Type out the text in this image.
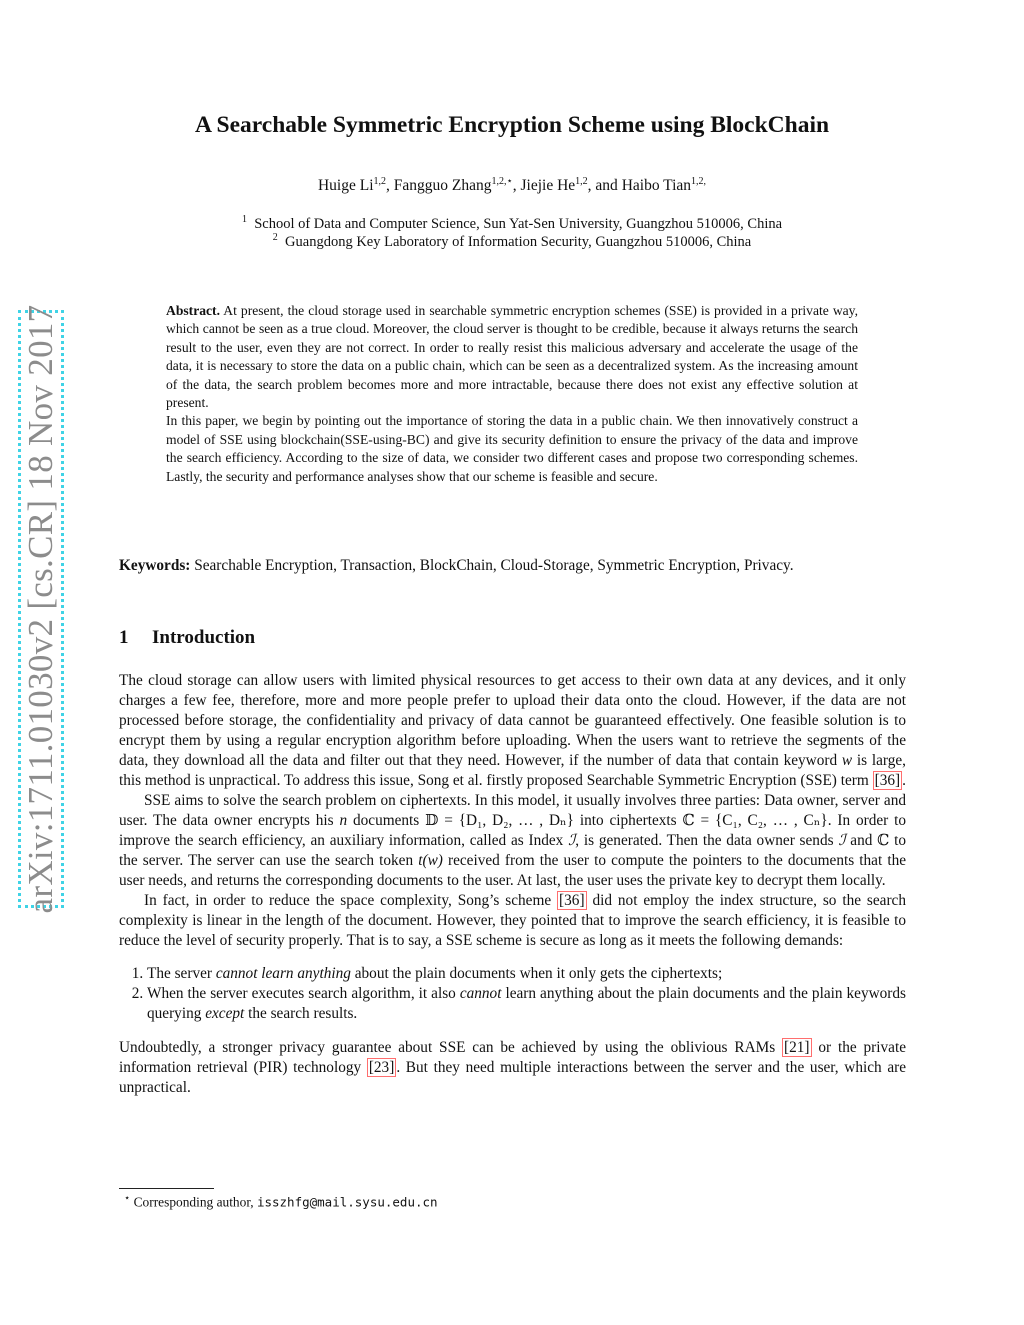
arXiv:1711.01030v2 [cs.CR] 18 Nov 2017
A Searchable Symmetric Encryption Scheme using BlockChain
Huige Li$^{1,2}$, Fangguo Zhang$^{1,2,⋆}$, Jiejie He$^{1,2}$, and Haibo Tian$^{1,2,}$
$^1$ School of Data and Computer Science, Sun Yat-Sen University, Guangzhou 510006, China
$^2$ Guangdong Key Laboratory of Information Security, Guangzhou 510006, China

Abstract. At present, the cloud storage used in searchable symmetric encryption schemes (SSE) is provided in a private way, which cannot be seen as a true cloud. Moreover, the cloud server is thought to be credible, because it always returns the search result to the user, even they are not correct. In order to really resist this malicious adversary and accelerate the usage of the data, it is necessary to store the data on a public chain, which can be seen as a decentralized system. As the increasing amount of the data, the search problem becomes more and more intractable, because there does not exist any effective solution at present.

In this paper, we begin by pointing out the importance of storing the data in a public chain. We then innovatively construct a model of SSE using blockchain(SSE-using-BC) and give its security definition to ensure the privacy of the data and improve the search efficiency. According to the size of data, we consider two different cases and propose two corresponding schemes. Lastly, the security and performance analyses show that our scheme is feasible and secure.

Keywords: Searchable Encryption, Transaction, BlockChain, Cloud-Storage, Symmetric Encryption, Privacy.
1 Introduction

The cloud storage can allow users with limited physical resources to get access to their own data at any devices, and it only charges a few fee, therefore, more and more people prefer to upload their data onto the cloud. However, if the data are not processed before storage, the confidentiality and privacy of data cannot be guaranteed effectively. One feasible solution is to encrypt them by using a regular encryption algorithm before uploading. When the users want to retrieve the segments of the data, they download all the data and filter out that they need. However, if the number of data that contain keyword w is large, this method is unpractical. To address this issue, Song et al. firstly proposed Searchable Symmetric Encryption (SSE) term [36] .

SSE aims to solve the search problem on ciphertexts. In this model, it usually involves three parties: Data owner, server and user. The data owner encrypts his n documents 𝔻 = {D₁, D₂, … , Dₙ} into ciphertexts ℂ = {C₁, C₂, … , Cₙ}. In order to improve the search efficiency, an auxiliary information, called as Index ℐ, is generated. Then the data owner sends ℐ and ℂ to the server. The server can use the search token t(w) received from the user to compute the pointers to the documents that the user needs, and returns the corresponding documents to the user. At last, the user uses the private key to decrypt them locally.

In fact, in order to reduce the space complexity, Song’s scheme [36] did not employ the index structure, so the search complexity is linear in the length of the document. However, they pointed that to improve the search efficiency, it is feasible to reduce the level of security properly. That is to say, a SSE scheme is secure as long as it meets the following demands:

1. The server cannot learn anything about the plain documents when it only gets the ciphertexts;
2. When the server executes search algorithm, it also cannot learn anything about the plain documents and the plain keywords querying except the search results.

Undoubtedly, a stronger privacy guarantee about SSE can be achieved by using the oblivious RAMs [21] or the private information retrieval (PIR) technology [23] . But they need multiple interactions between the server and the user, which are unpractical.

⋆ Corresponding author, isszhfg@mail.sysu.edu.cn
